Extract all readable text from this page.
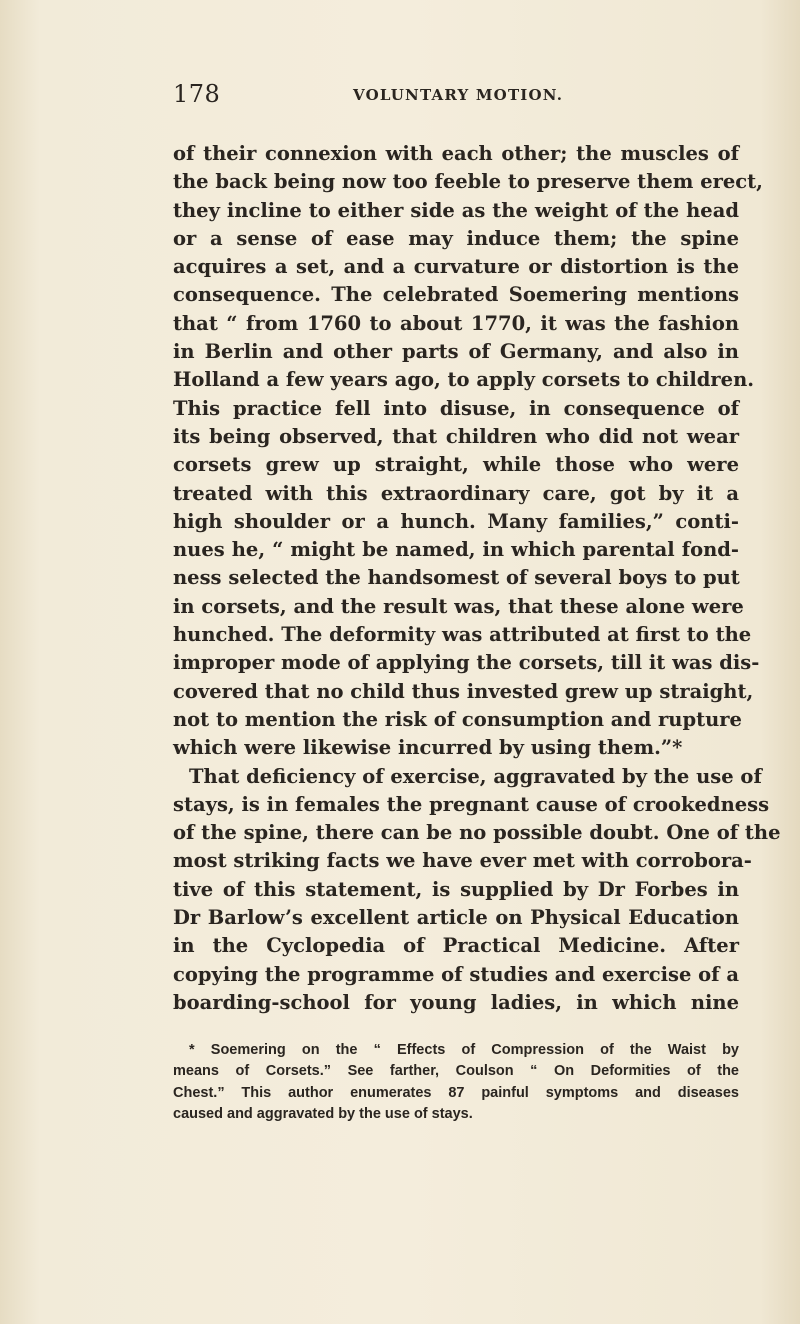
178	VOLUNTARY MOTION.
of their connexion with each other; the muscles of
the back being now too feeble to preserve them erect,
they incline to either side as the weight of the head
or a sense of ease may induce them; the spine
acquires a set, and a curvature or distortion is the
consequence. The celebrated Soemering mentions
that “ from 1760 to about 1770, it was the fashion
in Berlin and other parts of Germany, and also in
Holland a few years ago, to apply corsets to children.
This practice fell into disuse, in consequence of
its being observed, that children who did not wear
corsets grew up straight, while those who were
treated with this extraordinary care, got by it a
high shoulder or a hunch. Many families,” conti-
nues he, “ might be named, in which parental fond-
ness selected the handsomest of several boys to put
in corsets, and the result was, that these alone were
hunched. The deformity was attributed at first to the
improper mode of applying the corsets, till it was dis-
covered that no child thus invested grew up straight,
not to mention the risk of consumption and rupture
which were likewise incurred by using them.”*
That deficiency of exercise, aggravated by the use of
stays, is in females the pregnant cause of crookedness
of the spine, there can be no possible doubt. One of the
most striking facts we have ever met with corrobora-
tive of this statement, is supplied by Dr Forbes in
Dr Barlow’s excellent article on Physical Education
in the Cyclopedia of Practical Medicine. After
copying the programme of studies and exercise of a
boarding-school for young ladies, in which nine
* Soemering on the “ Effects of Compression of the Waist by
means of Corsets.” See farther, Coulson “ On Deformities of the
Chest.” This author enumerates 87 painful symptoms and diseases
caused and aggravated by the use of stays.
